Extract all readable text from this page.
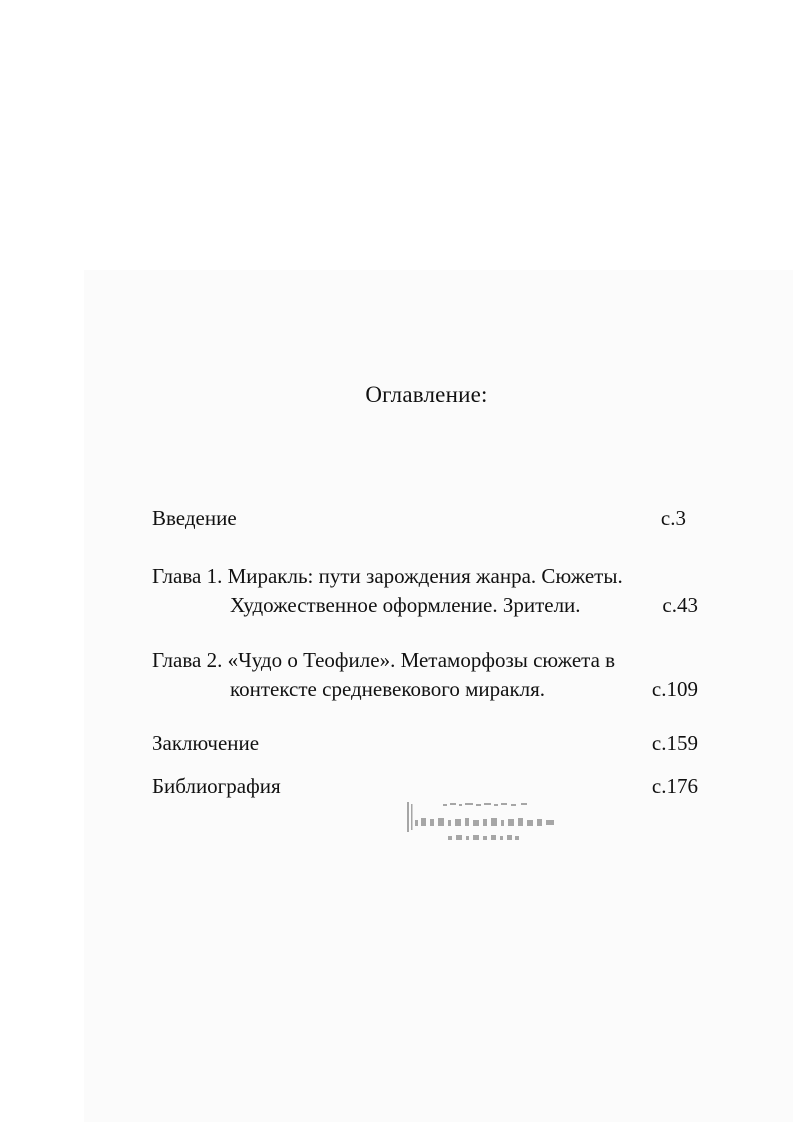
Оглавление:
Введение	с.3
Глава 1. Миракль: пути зарождения жанра. Сюжеты.
Художественное оформление. Зрители.	с.43
Глава 2. «Чудо о Теофиле». Метаморфозы сюжета в
контексте средневекового миракля.	с.109
Заключение	с.159
Библиография	с.176
